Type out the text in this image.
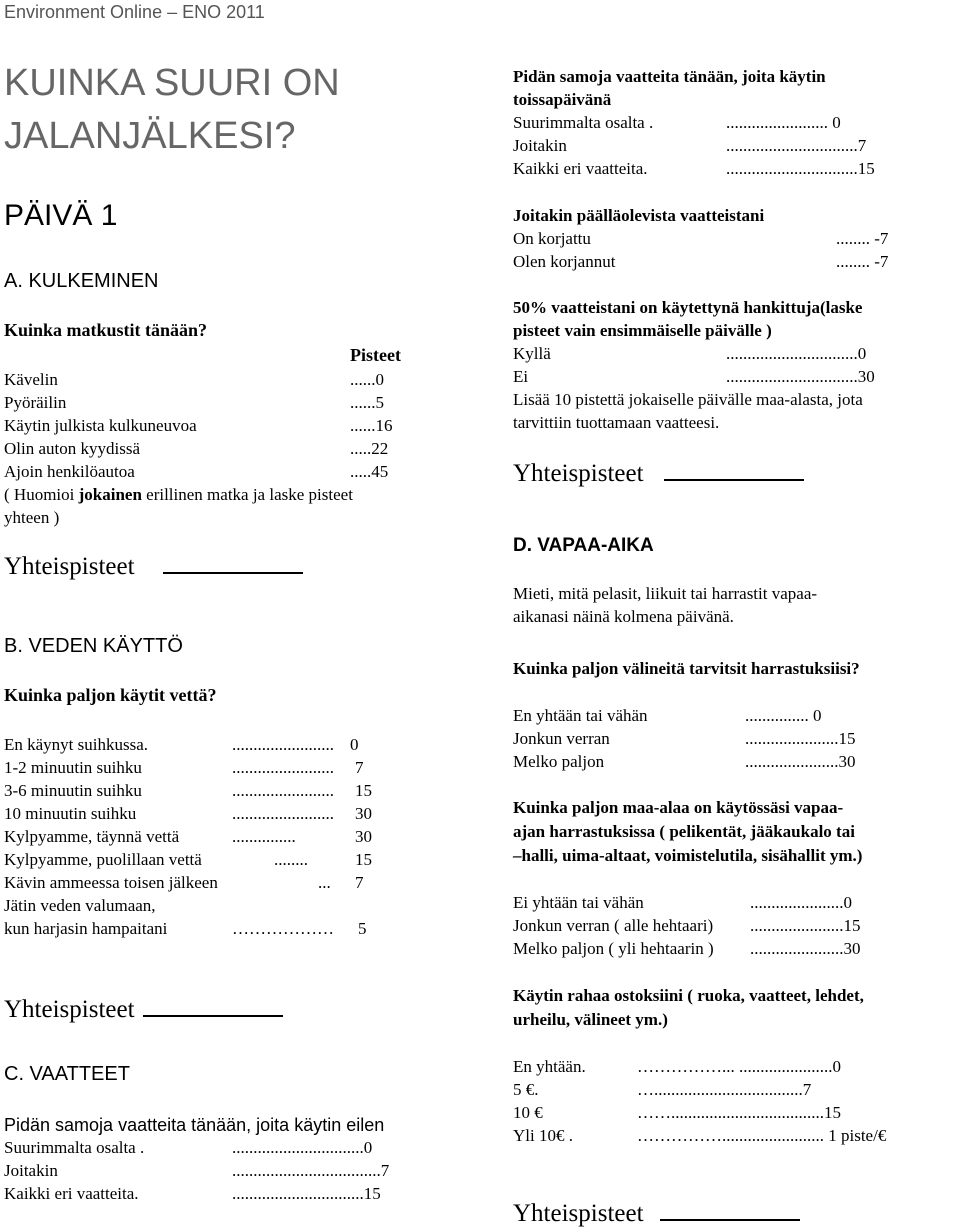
Environment Online – ENO 2011
KUINKA SUURI ON
JALANJÄLKESI?
PÄIVÄ 1
A. KULKEMINEN
Kuinka matkustit tänään?
Pisteet
Kävelin	......0
Pyöräilin	......5
Käytin julkista kulkuneuvoa	......16
Olin auton kyydissä	.....22
Ajoin henkilöautoa	.....45
( Huomioi jokainen erillinen matka ja laske pisteet
yhteen )
Yhteispisteet
B. VEDEN KÄYTTÖ
Kuinka paljon käytit vettä?
En käynyt suihkussa.	........................ 0
1-2 minuutin suihku	........................ 7
3-6 minuutin suihku	........................ 15
10 minuutin suihku	........................ 30
Kylpyamme, täynnä vettä	...............	30
Kylpyamme, puolillaan vettä	........	15
Kävin ammeessa toisen jälkeen	... 7
Jätin veden valumaan,
kun harjasin hampaitani	……………… 5
Yhteispisteet
C. VAATTEET
Pidän samoja vaatteita tänään, joita käytin eilen
Suurimmalta osalta .	...............................0
Joitakin	...................................7
Kaikki eri vaatteita.	...............................15
Pidän samoja vaatteita tänään, joita käytin
toissapäivänä
Suurimmalta osalta .	........................ 0
Joitakin	...............................7
Kaikki eri vaatteita.	...............................15
Joitakin päälläolevista vaatteistani
On korjattu	........ -7
Olen korjannut	........ -7
50% vaatteistani on käytettynä hankittuja(laske
pisteet vain ensimmäiselle päivälle )
Kyllä	...............................0
Ei	...............................30
Lisää 10 pistettä jokaiselle päivälle maa-alasta, jota
tarvittiin tuottamaan vaatteesi.
Yhteispisteet
D. VAPAA-AIKA
Mieti, mitä pelasit, liikuit tai harrastit vapaa-
aikanasi näinä kolmena päivänä.
Kuinka paljon välineitä tarvitsit harrastuksiisi?
En yhtään tai vähän	............... 0
Jonkun verran	......................15
Melko paljon	......................30
Kuinka paljon maa-alaa on käytössäsi vapaa-
ajan harrastuksissa ( pelikentät, jääkaukalo tai
–halli, uima-altaat, voimistelutila, sisähallit ym.)
Ei yhtään tai vähän	......................0
Jonkun verran ( alle hehtaari) ......................15
Melko paljon ( yli hehtaarin ) ......................30
Käytin rahaa ostoksiini ( ruoka, vaatteet, lehdet,
urheilu, välineet ym.)
En yhtään.	……………... ......................0
5 €.	…...................................7
10 €	……....................................15
Yli 10€ .	……………........................ 1 piste/€
Yhteispisteet
